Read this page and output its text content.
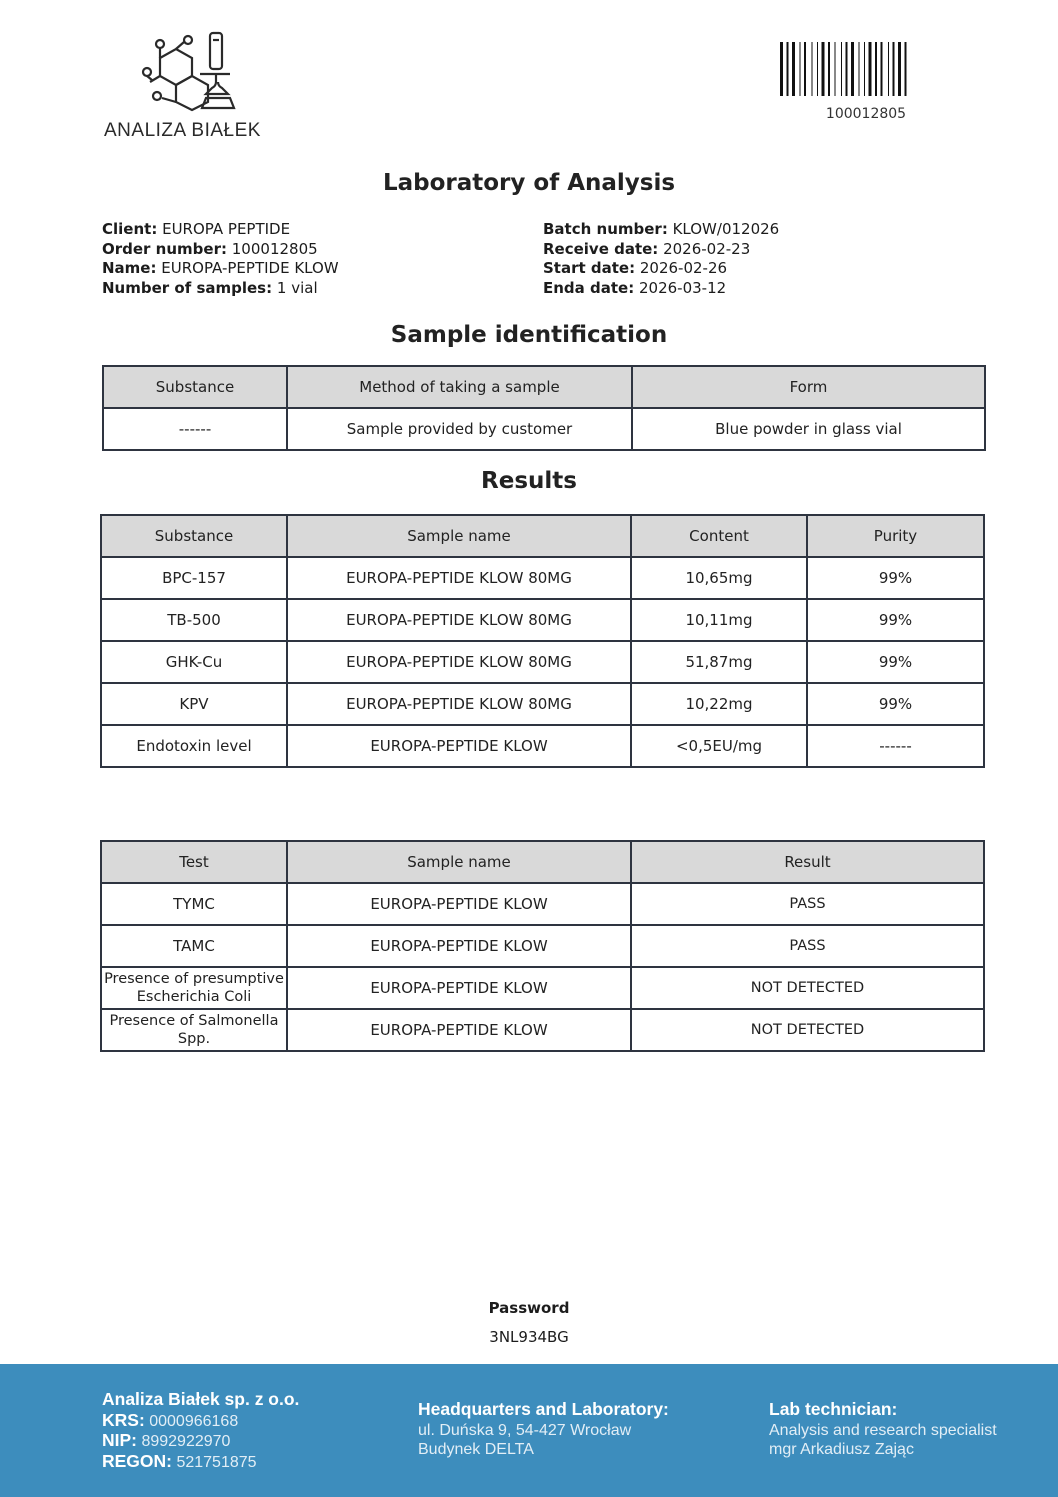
ANALIZA BIAŁEK
100012805
Laboratory of Analysis
Client: EUROPA PEPTIDE
Order number: 100012805
Name: EUROPA-PEPTIDE KLOW
Number of samples: 1 vial
Batch number: KLOW/012026
Receive date: 2026-02-23
Start date: 2026-02-26
Enda date: 2026-03-12
Sample identification
Substance	Method of taking a sample	Form
------	Sample provided by customer	Blue powder in glass vial
Results
Substance	Sample name	Content	Purity
BPC-157	EUROPA-PEPTIDE KLOW 80MG	10,65mg	99%
TB-500	EUROPA-PEPTIDE KLOW 80MG	10,11mg	99%
GHK-Cu	EUROPA-PEPTIDE KLOW 80MG	51,87mg	99%
KPV	EUROPA-PEPTIDE KLOW 80MG	10,22mg	99%
Endotoxin level	EUROPA-PEPTIDE KLOW	<0,5EU/mg	------
Test	Sample name	Result
TYMC	EUROPA-PEPTIDE KLOW	PASS
TAMC	EUROPA-PEPTIDE KLOW	PASS
Presence of presumptive Escherichia Coli	EUROPA-PEPTIDE KLOW	NOT DETECTED
Presence of Salmonella Spp.	EUROPA-PEPTIDE KLOW	NOT DETECTED
Password
3NL934BG
Analiza Białek sp. z o.o.
KRS: 0000966168
NIP: 8992922970
REGON: 521751875
Headquarters and Laboratory:
ul. Duńska 9, 54-427 Wrocław
Budynek DELTA
Lab technician:
Analysis and research specialist
mgr Arkadiusz Zając
